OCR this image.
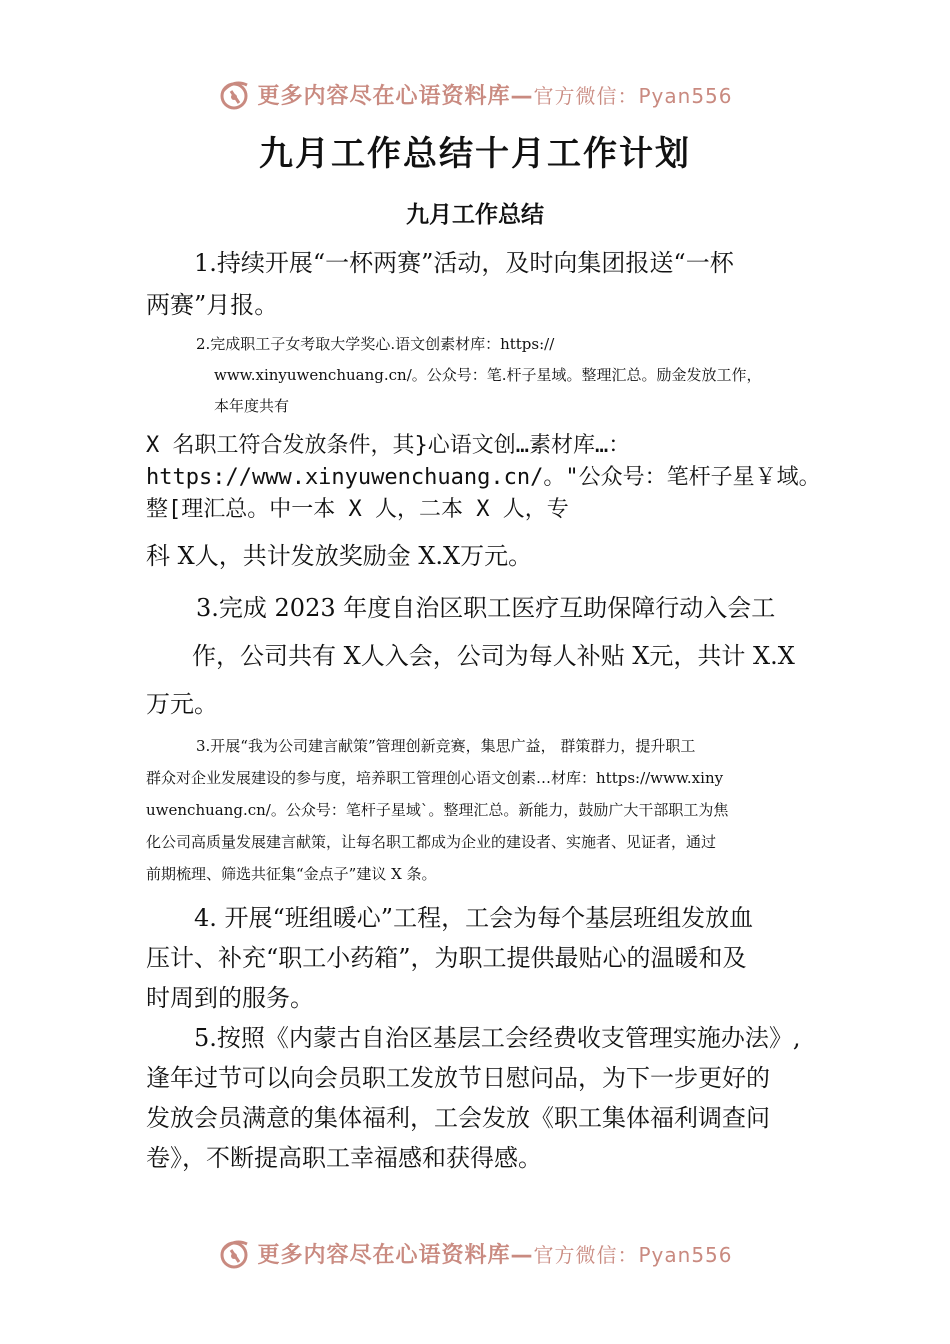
更多内容尽在心语资料库—官方微信：Pyan556
九月工作总结十月工作计划
九月工作总结
1.持续开展“一杯两赛”活动，及时向集团报送“一杯
两赛”月报。
2.完成职工子女考取大学奖心.语文创素材库：https://
www.xinyuwenchuang.cn/。公众号：笔.杆子星域。整理汇总。励金发放工作，
本年度共有
X 名职工符合发放条件，其}心语文创…素材库…：
https://www.xinyuwenchuang.cn/。"公众号：笔杆子星￥域。
整[理汇总。中一本 X 人，二本 X 人，专
科 X人，共计发放奖励金 X.X万元。
3.完成 2023 年度自治区职工医疗互助保障行动入会工
作，公司共有 X人入会，公司为每人补贴 X元，共计 X.X
万元。
3.开展“我为公司建言献策”管理创新竞赛，集思广益， 群策群力，提升职工
群众对企业发展建设的参与度，培养职工管理创心语文创素…材库：https://www.xiny
uwenchuang.cn/。公众号：笔杆子星域`。整理汇总。新能力，鼓励广大干部职工为焦
化公司高质量发展建言献策，让每名职工都成为企业的建设者、实施者、见证者，通过
前期梳理、筛选共征集“金点子”建议 X 条。
4. 开展“班组暖心”工程，工会为每个基层班组发放血
压计、补充“职工小药箱”，为职工提供最贴心的温暖和及
时周到的服务。
5.按照《内蒙古自治区基层工会经费收支管理实施办法》,
逢年过节可以向会员职工发放节日慰问品，为下一步更好的
发放会员满意的集体福利，工会发放《职工集体福利调查问
卷》，不断提高职工幸福感和获得感。
更多内容尽在心语资料库—官方微信：Pyan556
